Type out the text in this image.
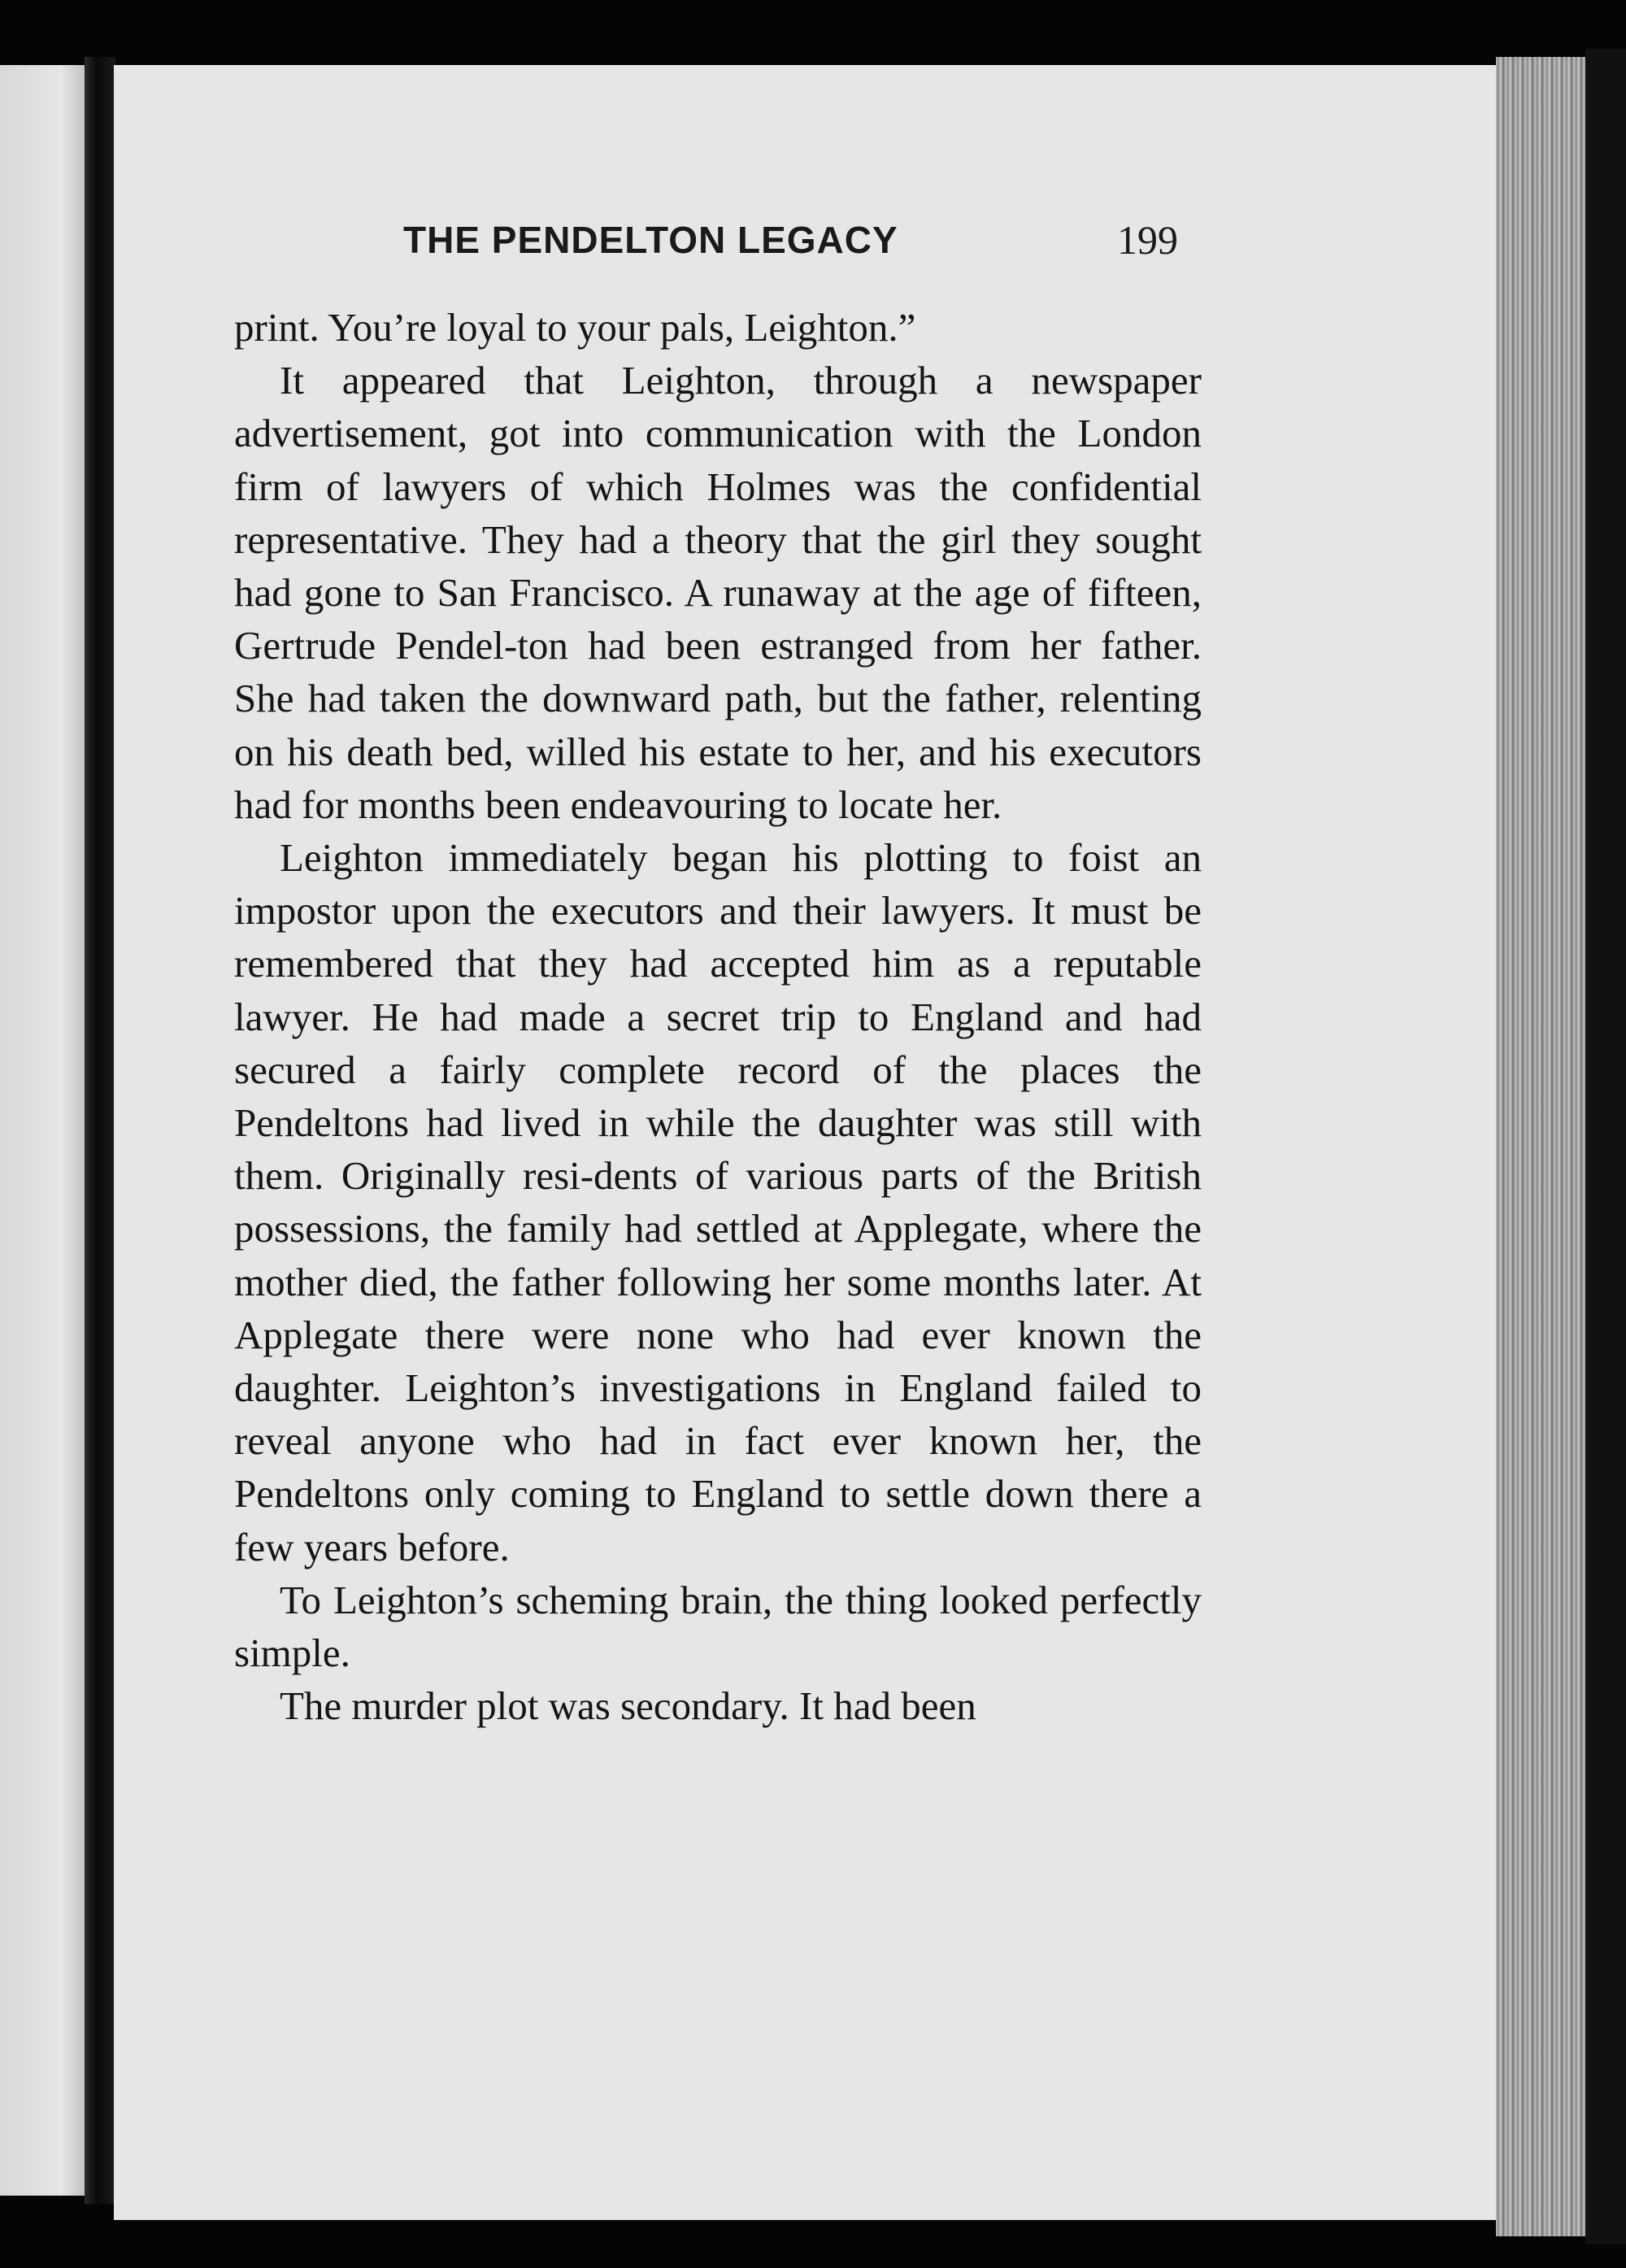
THE PENDELTON LEGACY	199

print. You’re loyal to your pals, Leighton.”

It appeared that Leighton, through a newspaper advertisement, got into communication with the London firm of lawyers of which Holmes was the confidential representative. They had a theory that the girl they sought had gone to San Francisco. A runaway at the age of fifteen, Gertrude Pendel-ton had been estranged from her father. She had taken the downward path, but the father, relenting on his death bed, willed his estate to her, and his executors had for months been endeavouring to locate her.

Leighton immediately began his plotting to foist an impostor upon the executors and their lawyers. It must be remembered that they had accepted him as a reputable lawyer. He had made a secret trip to England and had secured a fairly complete record of the places the Pendeltons had lived in while the daughter was still with them. Originally resi-dents of various parts of the British possessions, the family had settled at Applegate, where the mother died, the father following her some months later. At Applegate there were none who had ever known the daughter. Leighton’s investigations in England failed to reveal anyone who had in fact ever known her, the Pendeltons only coming to England to settle down there a few years before.

To Leighton’s scheming brain, the thing looked perfectly simple.

The murder plot was secondary. It had been
